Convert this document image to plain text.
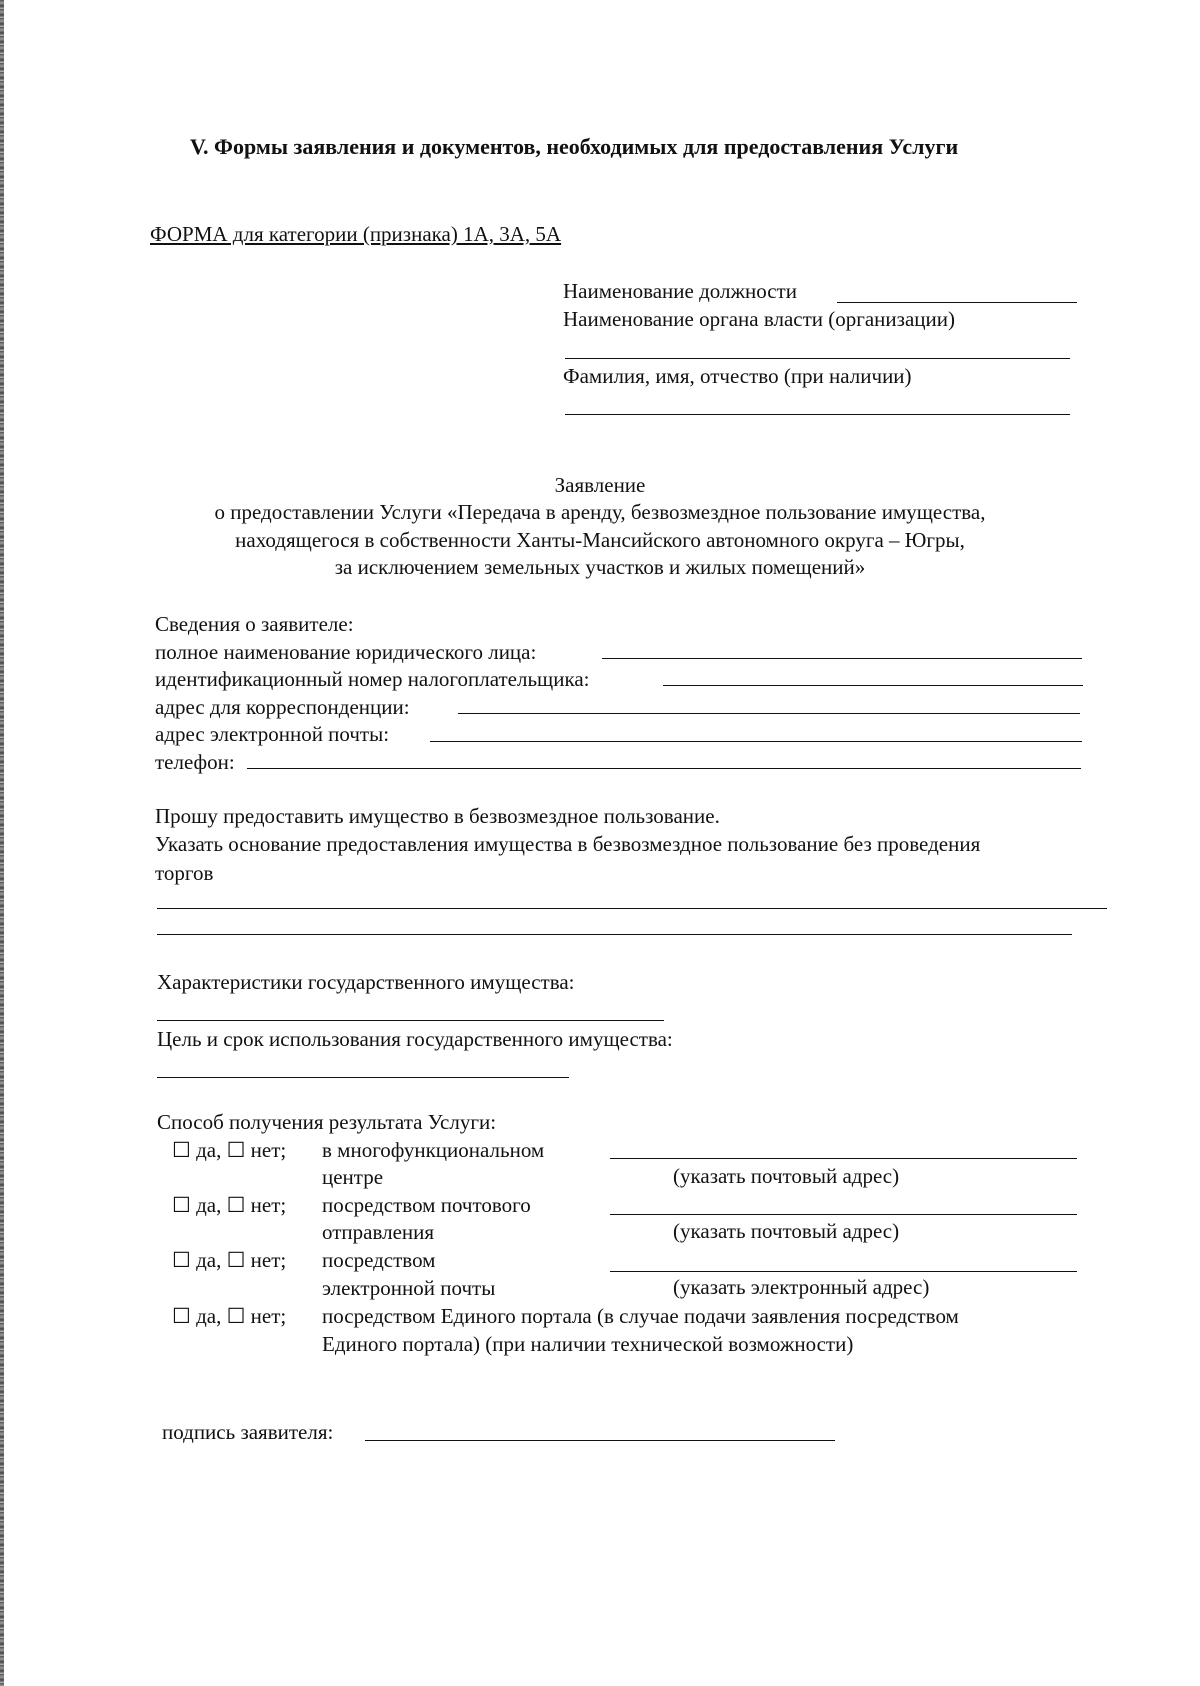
V. Формы заявления и документов, необходимых для предоставления Услуги
ФОРМА для категории (признака) 1А, 3А, 5А
Наименование должности
Наименование органа власти (организации)
Фамилия, имя, отчество (при наличии)
Заявление
о предоставлении Услуги «Передача в аренду, безвозмездное пользование имущества,
находящегося в собственности Ханты-Мансийского автономного округа – Югры,
за исключением земельных участков и жилых помещений»
Сведения о заявителе:
полное наименование юридического лица:
идентификационный номер налогоплательщика:
адрес для корреспонденции:
адрес электронной почты:
телефон:
Прошу предоставить имущество в безвозмездное пользование.
Указать основание предоставления имущества в безвозмездное пользование без проведения
торгов
Характеристики государственного имущества:
Цель и срок использования государственного имущества:
Способ получения результата Услуги:
☐ да, ☐ нет; в многофункциональном
центре	(указать почтовый адрес)
☐ да, ☐ нет; посредством почтового
отправления	(указать почтовый адрес)
☐ да, ☐ нет; посредством
электронной почты	(указать электронный адрес)
☐ да, ☐ нет; посредством Единого портала (в случае подачи заявления посредством
Единого портала) (при наличии технической возможности)
подпись заявителя:
